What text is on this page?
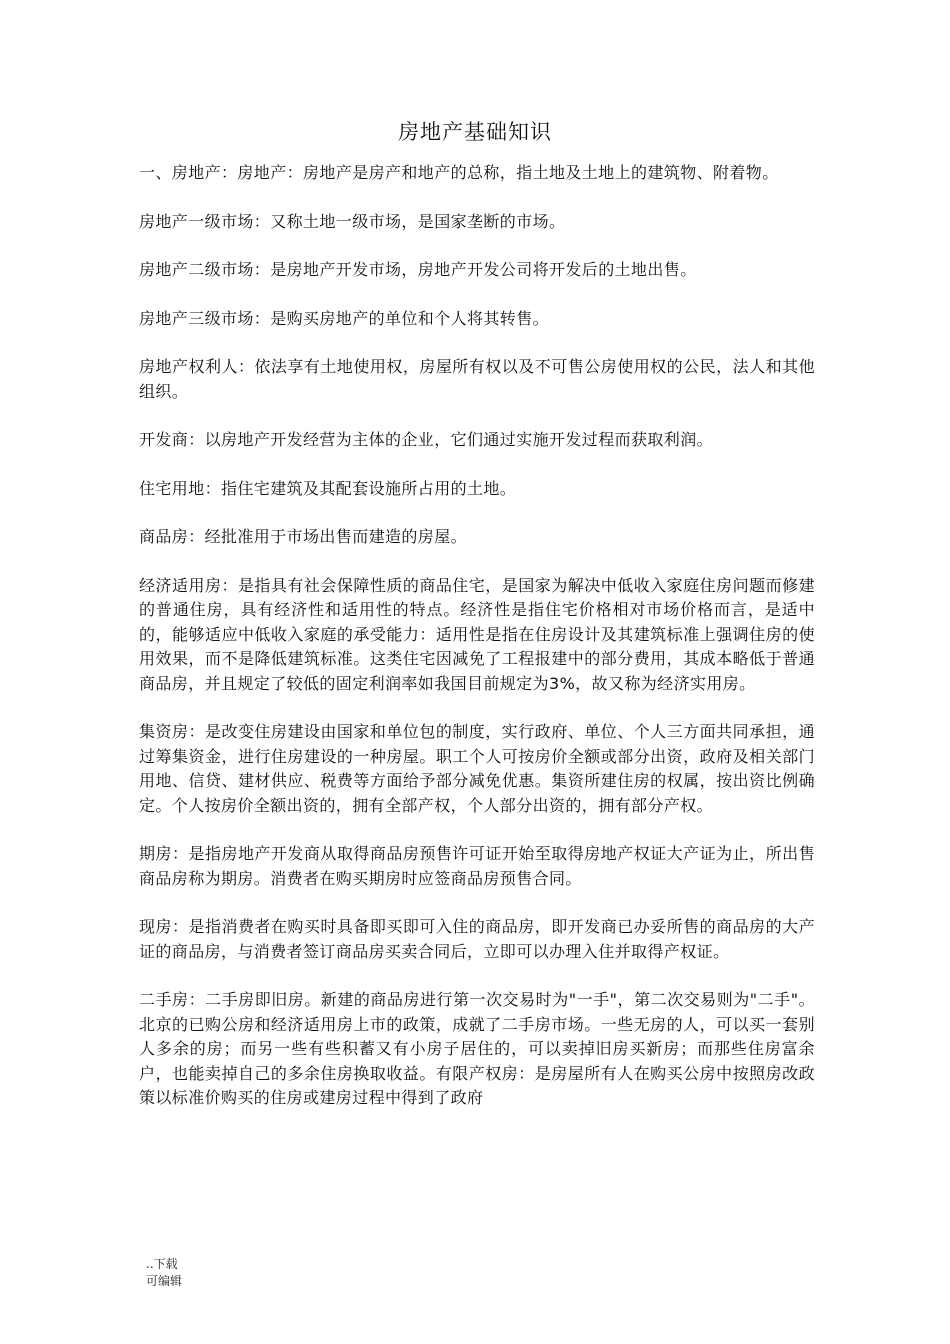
房地产基础知识

一、房地产：房地产：房地产是房产和地产的总称，指土地及土地上的建筑物、附着物。

房地产一级市场：又称土地一级市场，是国家垄断的市场。

房地产二级市场：是房地产开发市场，房地产开发公司将开发后的土地出售。

房地产三级市场：是购买房地产的单位和个人将其转售。

房地产权利人：依法享有土地使用权，房屋所有权以及不可售公房使用权的公民，法人和其他组织。

开发商：以房地产开发经营为主体的企业，它们通过实施开发过程而获取利润。

住宅用地：指住宅建筑及其配套设施所占用的土地。

商品房：经批准用于市场出售而建造的房屋。

经济适用房：是指具有社会保障性质的商品住宅，是国家为解决中低收入家庭住房问题而修建的普通住房，具有经济性和适用性的特点。经济性是指住宅价格相对市场价格而言，是适中的，能够适应中低收入家庭的承受能力：适用性是指在住房设计及其建筑标准上强调住房的使用效果，而不是降低建筑标准。这类住宅因减免了工程报建中的部分费用，其成本略低于普通商品房，并且规定了较低的固定利润率如我国目前规定为3%，故又称为经济实用房。

集资房：是改变住房建设由国家和单位包的制度，实行政府、单位、个人三方面共同承担，通过筹集资金，进行住房建设的一种房屋。职工个人可按房价全额或部分出资，政府及相关部门用地、信贷、建材供应、税费等方面给予部分减免优惠。集资所建住房的权属，按出资比例确定。个人按房价全额出资的，拥有全部产权，个人部分出资的，拥有部分产权。

期房：是指房地产开发商从取得商品房预售许可证开始至取得房地产权证大产证为止，所出售商品房称为期房。消费者在购买期房时应签商品房预售合同。

现房：是指消费者在购买时具备即买即可入住的商品房，即开发商已办妥所售的商品房的大产证的商品房，与消费者签订商品房买卖合同后，立即可以办理入住并取得产权证。

二手房：二手房即旧房。新建的商品房进行第一次交易时为"一手"，第二次交易则为"二手"。北京的已购公房和经济适用房上市的政策，成就了二手房市场。一些无房的人，可以买一套别人多余的房；而另一些有些积蓄又有小房子居住的，可以卖掉旧房买新房；而那些住房富余户，也能卖掉自己的多余住房换取收益。有限产权房：是房屋所有人在购买公房中按照房改政策以标准价购买的住房或建房过程中得到了政府

..下载
可编辑
